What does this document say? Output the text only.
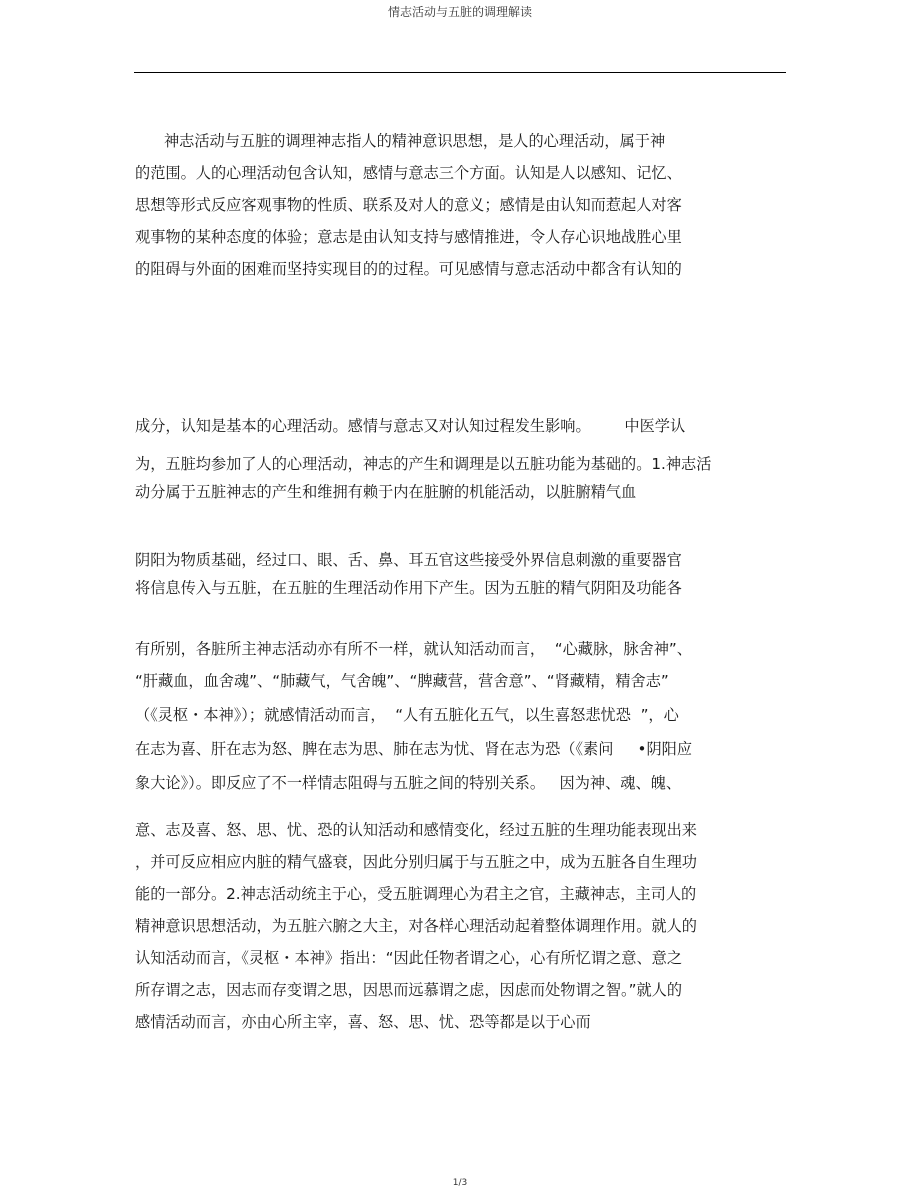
情志活动与五脏的调理解读
神志活动与五脏的调理神志指人的精神意识思想，是人的心理活动，属于神
的范围。人的心理活动包含认知，感情与意志三个方面。认知是人以感知、记忆、
思想等形式反应客观事物的性质、联系及对人的意义；感情是由认知而惹起人对客
观事物的某种态度的体验；意志是由认知支持与感情推进，令人存心识地战胜心里
的阻碍与外面的困难而坚持实现目的的过程。可见感情与意志活动中都含有认知的
成分，认知是基本的心理活动。感情与意志又对认知过程发生影响。       中医学认
为，五脏均参加了人的心理活动，神志的产生和调理是以五脏功能为基础的。1.神志活
动分属于五脏神志的产生和维拥有赖于内在脏腑的机能活动，以脏腑精气血
阴阳为物质基础，经过口、眼、舌、鼻、耳五官这些接受外界信息刺激的重要器官
将信息传入与五脏，在五脏的生理活动作用下产生。因为五脏的精气阴阳及功能各
有所别，各脏所主神志活动亦有所不一样，就认知活动而言，  “心藏脉，脉舍神”、
“肝藏血，血舍魂”、“肺藏气，气舍魄”、“脾藏营，营舍意”、“肾藏精，精舍志”
（《灵枢・本神》）；就感情活动而言，  “人有五脏化五气，以生喜怒悲忧恐  ”，心
在志为喜、肝在志为怒、脾在志为思、肺在志为忧、肾在志为恐（《素问     •阴阳应
象大论》）。即反应了不一样情志阻碍与五脏之间的特别关系。   因为神、魂、魄、
意、志及喜、怒、思、忧、恐的认知活动和感情变化，经过五脏的生理功能表现出来
，并可反应相应内脏的精气盛衰，因此分别归属于与五脏之中，成为五脏各自生理功
能的一部分。2.神志活动统主于心，受五脏调理心为君主之官，主藏神志，主司人的
精神意识思想活动，为五脏六腑之大主，对各样心理活动起着整体调理作用。就人的
认知活动而言，《灵枢・本神》指出：“因此任物者谓之心，心有所忆谓之意、意之
所存谓之志，因志而存变谓之思，因思而远慕谓之虑，因虑而处物谓之智。”就人的
感情活动而言，亦由心所主宰，喜、怒、思、忧、恐等都是以于心而
1/3
